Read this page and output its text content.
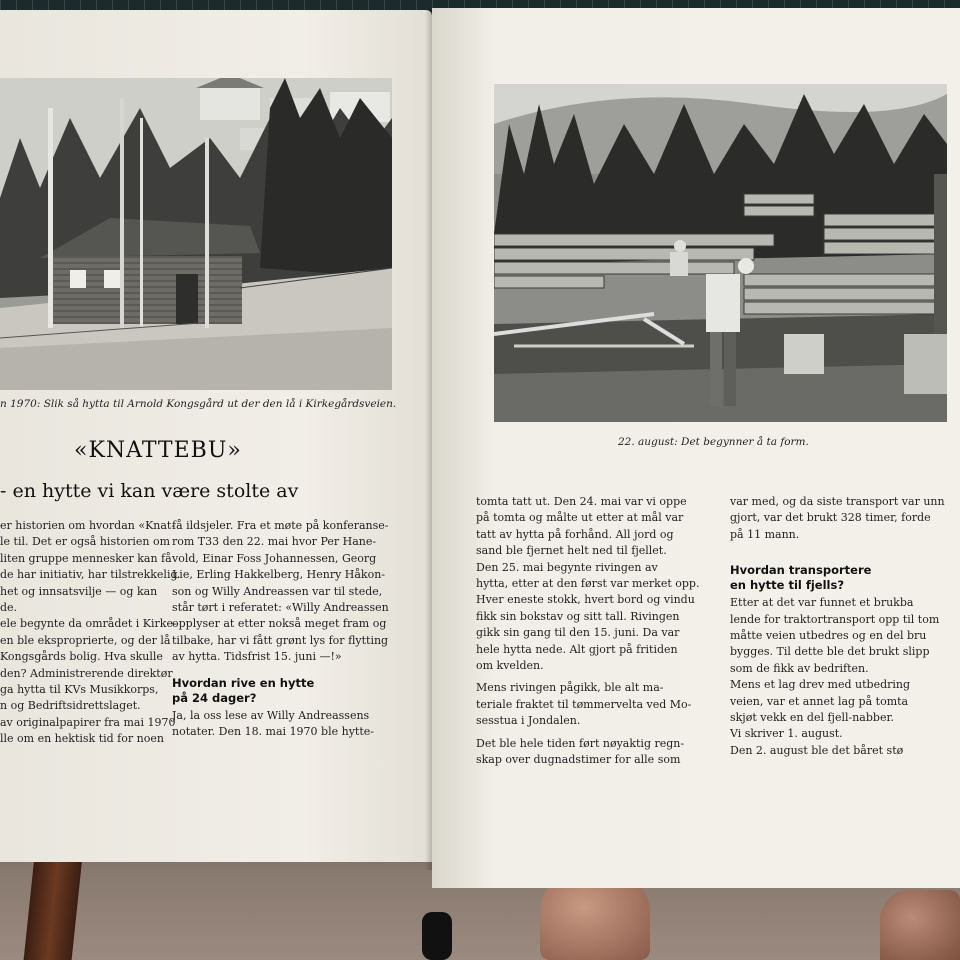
n 1970: Slik så hytta til Arnold Kongsgård ut der den lå i Kirkegårdsveien.
«KNATTEBU»
- en hytte vi kan være stolte av

er historien om hvordan «Knat-

le til. Det er også historien om

liten gruppe mennesker kan få

de har initiativ, har tilstrekkelig

het og innsatsvilje — og kan

de.

ele begynte da området i Kirke-

en ble eksproprierte, og der lå

Kongsgårds bolig. Hva skulle

den? Administrerende direktør

ga hytta til KVs Musikkorps,

n og Bedriftsidrettslaget.

av originalpapirer fra mai 1970

lle om en hektisk tid for noen

få ildsjeler. Fra et møte på konferanse-

rom T33 den 22. mai hvor Per Hane-

vold, Einar Foss Johannessen, Georg

Lie, Erling Hakkelberg, Henry Håkon-

son og Willy Andreassen var til stede,

står tørt i referatet: «Willy Andreassen

opplyser at etter nokså meget fram og

tilbake, har vi fått grønt lys for flytting

av hytta. Tidsfrist 15. juni —!»

Hvordan rive en hytte
på 24 dager?

Ja, la oss lese av Willy Andreassens

notater. Den 18. mai 1970 ble hytte-

22. august: Det begynner å ta form.

tomta tatt ut. Den 24. mai var vi oppe

på tomta og målte ut etter at mål var

tatt av hytta på forhånd. All jord og

sand ble fjernet helt ned til fjellet.

Den 25. mai begynte rivingen av

hytta, etter at den først var merket opp.

Hver eneste stokk, hvert bord og vindu

fikk sin bokstav og sitt tall. Rivingen

gikk sin gang til den 15. juni. Da var

hele hytta nede. Alt gjort på fritiden

om kvelden.

Mens rivingen pågikk, ble alt ma-

teriale fraktet til tømmervelta ved Mo-

sesstua i Jondalen.

Det ble hele tiden ført nøyaktig regn-

skap over dugnadstimer for alle som

var med, og da siste transport var unn

gjort, var det brukt 328 timer, forde

på 11 mann.

Hvordan transportere
en hytte til fjells?

Etter at det var funnet et brukba

lende for traktortransport opp til tom

måtte veien utbedres og en del bru

bygges. Til dette ble det brukt slipp

som de fikk av bedriften.

Mens et lag drev med utbedring

veien, var et annet lag på tomta

skjøt vekk en del fjell-nabber.

Vi skriver 1. august.

Den 2. august ble det båret stø
